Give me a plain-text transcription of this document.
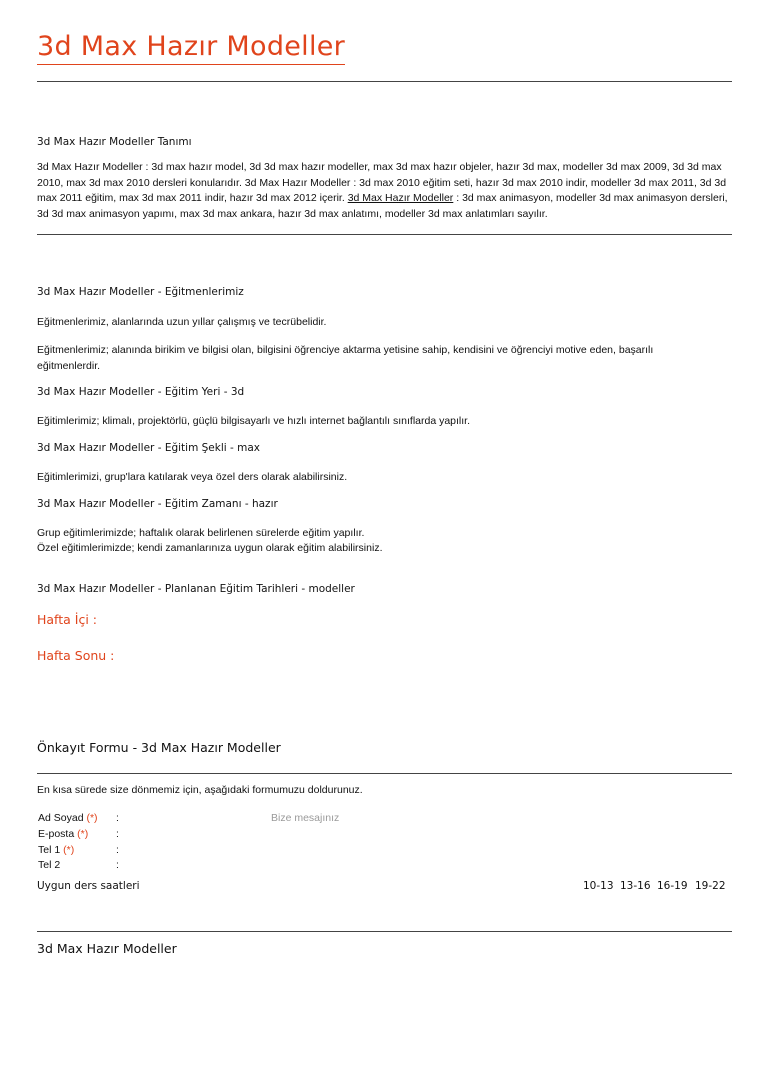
3d Max Hazır Modeller
3d Max Hazır Modeller Tanımı
3d Max Hazır Modeller : 3d max hazır model, 3d 3d max hazır modeller, max 3d max hazır objeler, hazır 3d max, modeller 3d max 2009, 3d 3d max 2010, max 3d max 2010 dersleri konularıdır. 3d Max Hazır Modeller : 3d max 2010 eğitim seti, hazır 3d max 2010 indir, modeller 3d max 2011, 3d 3d max 2011 eğitim, max 3d max 2011 indir, hazır 3d max 2012 içerir. 3d Max Hazır Modeller : 3d max animasyon, modeller 3d max animasyon dersleri, 3d 3d max animasyon yapımı, max 3d max ankara, hazır 3d max anlatımı, modeller 3d max anlatımları sayılır.
3d Max Hazır Modeller - Eğitmenlerimiz
Eğitmenlerimiz, alanlarında uzun yıllar çalışmış ve tecrübelidir.
Eğitmenlerimiz; alanında birikim ve bilgisi olan, bilgisini öğrenciye aktarma yetisine sahip, kendisini ve öğrenciyi motive eden, başarılı eğitmenlerdir.
3d Max Hazır Modeller - Eğitim Yeri - 3d
Eğitimlerimiz; klimalı, projektörlü, güçlü bilgisayarlı ve hızlı internet bağlantılı sınıflarda yapılır.
3d Max Hazır Modeller - Eğitim Şekli - max
Eğitimlerimizi, grup'lara katılarak veya özel ders olarak alabilirsiniz.
3d Max Hazır Modeller - Eğitim Zamanı - hazır
Grup eğitimlerimizde; haftalık olarak belirlenen sürelerde eğitim yapılır.
Özel eğitimlerimizde; kendi zamanlarınıza uygun olarak eğitim alabilirsiniz.
3d Max Hazır Modeller - Planlanan Eğitim Tarihleri - modeller
Hafta İçi :
Hafta Sonu :
Önkayıt Formu - 3d Max Hazır Modeller
En kısa sürede size dönmemiz için, aşağıdaki formumuzu doldurunuz.
Ad Soyad (*) :
E-posta (*)	:
Tel 1 (*)	:
Tel 2	:
Bize mesajınız
Uygun ders saatleri	10-13 13-16 16-19 19-22
3d Max Hazır Modeller
